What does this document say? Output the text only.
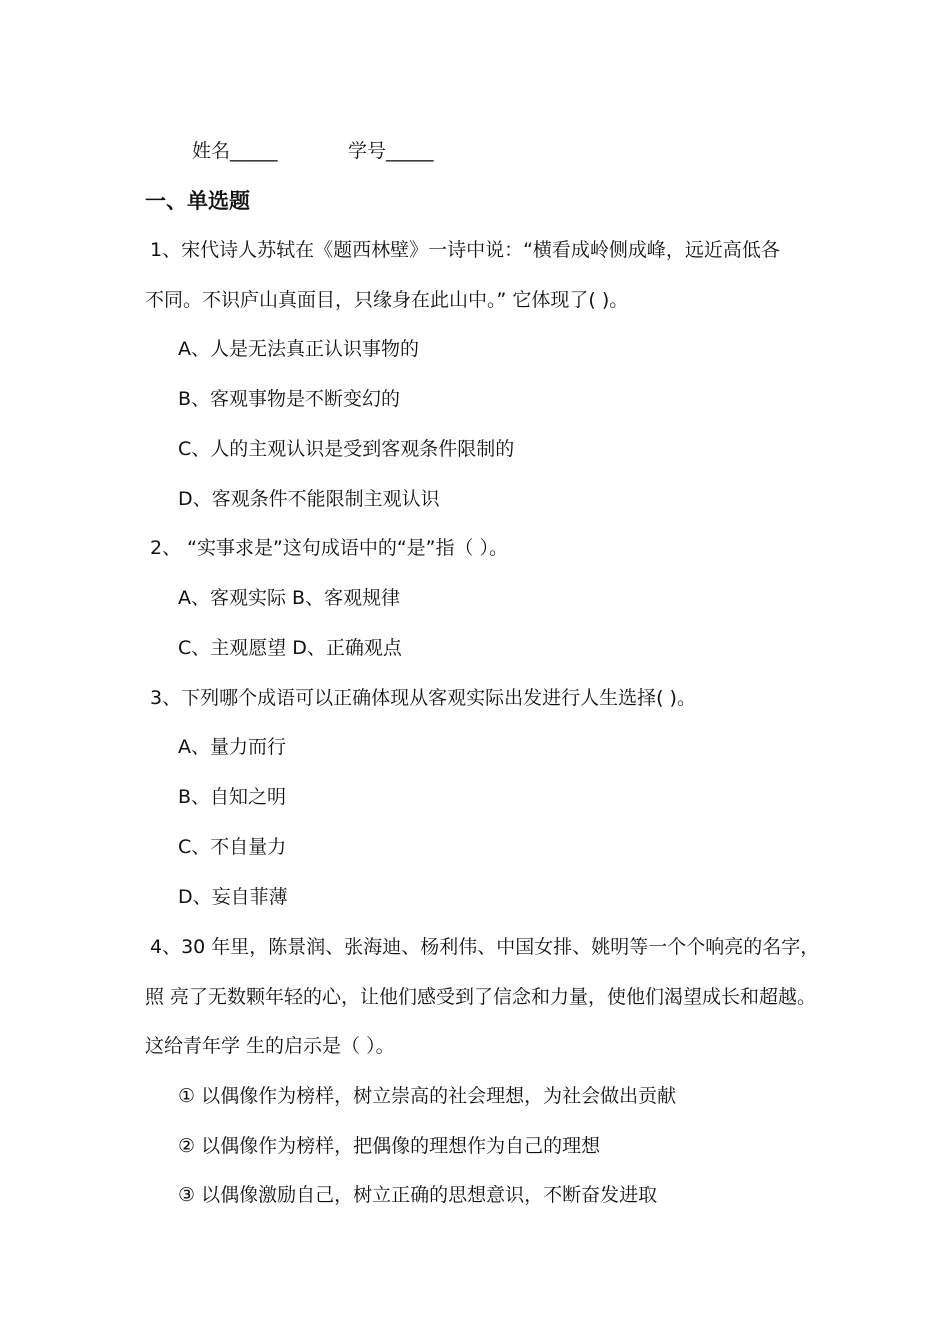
姓名_____	学号_____
一、单选题
1、宋代诗人苏轼在《题西林壁》一诗中说：“横看成岭侧成峰，远近高低各
不同。不识庐山真面目，只缘身在此山中。” 它体现了( )。
A、人是无法真正认识事物的
B、客观事物是不断变幻的
C、人的主观认识是受到客观条件限制的
D、客观条件不能限制主观认识
2、 “实事求是”这句成语中的“是”指（ ）。
A、客观实际 B、客观规律
C、主观愿望 D、正确观点
3、下列哪个成语可以正确体现从客观实际出发进行人生选择( )。
A、量力而行
B、自知之明
C、不自量力
D、妄自菲薄
4、30 年里，陈景润、张海迪、杨利伟、中国女排、姚明等一个个响亮的名字，
照 亮了无数颗年轻的心，让他们感受到了信念和力量，使他们渴望成长和超越。
这给青年学 生的启示是（ ）。
① 以偶像作为榜样，树立崇高的社会理想，为社会做出贡献
② 以偶像作为榜样，把偶像的理想作为自己的理想
③ 以偶像激励自己，树立正确的思想意识，不断奋发进取
